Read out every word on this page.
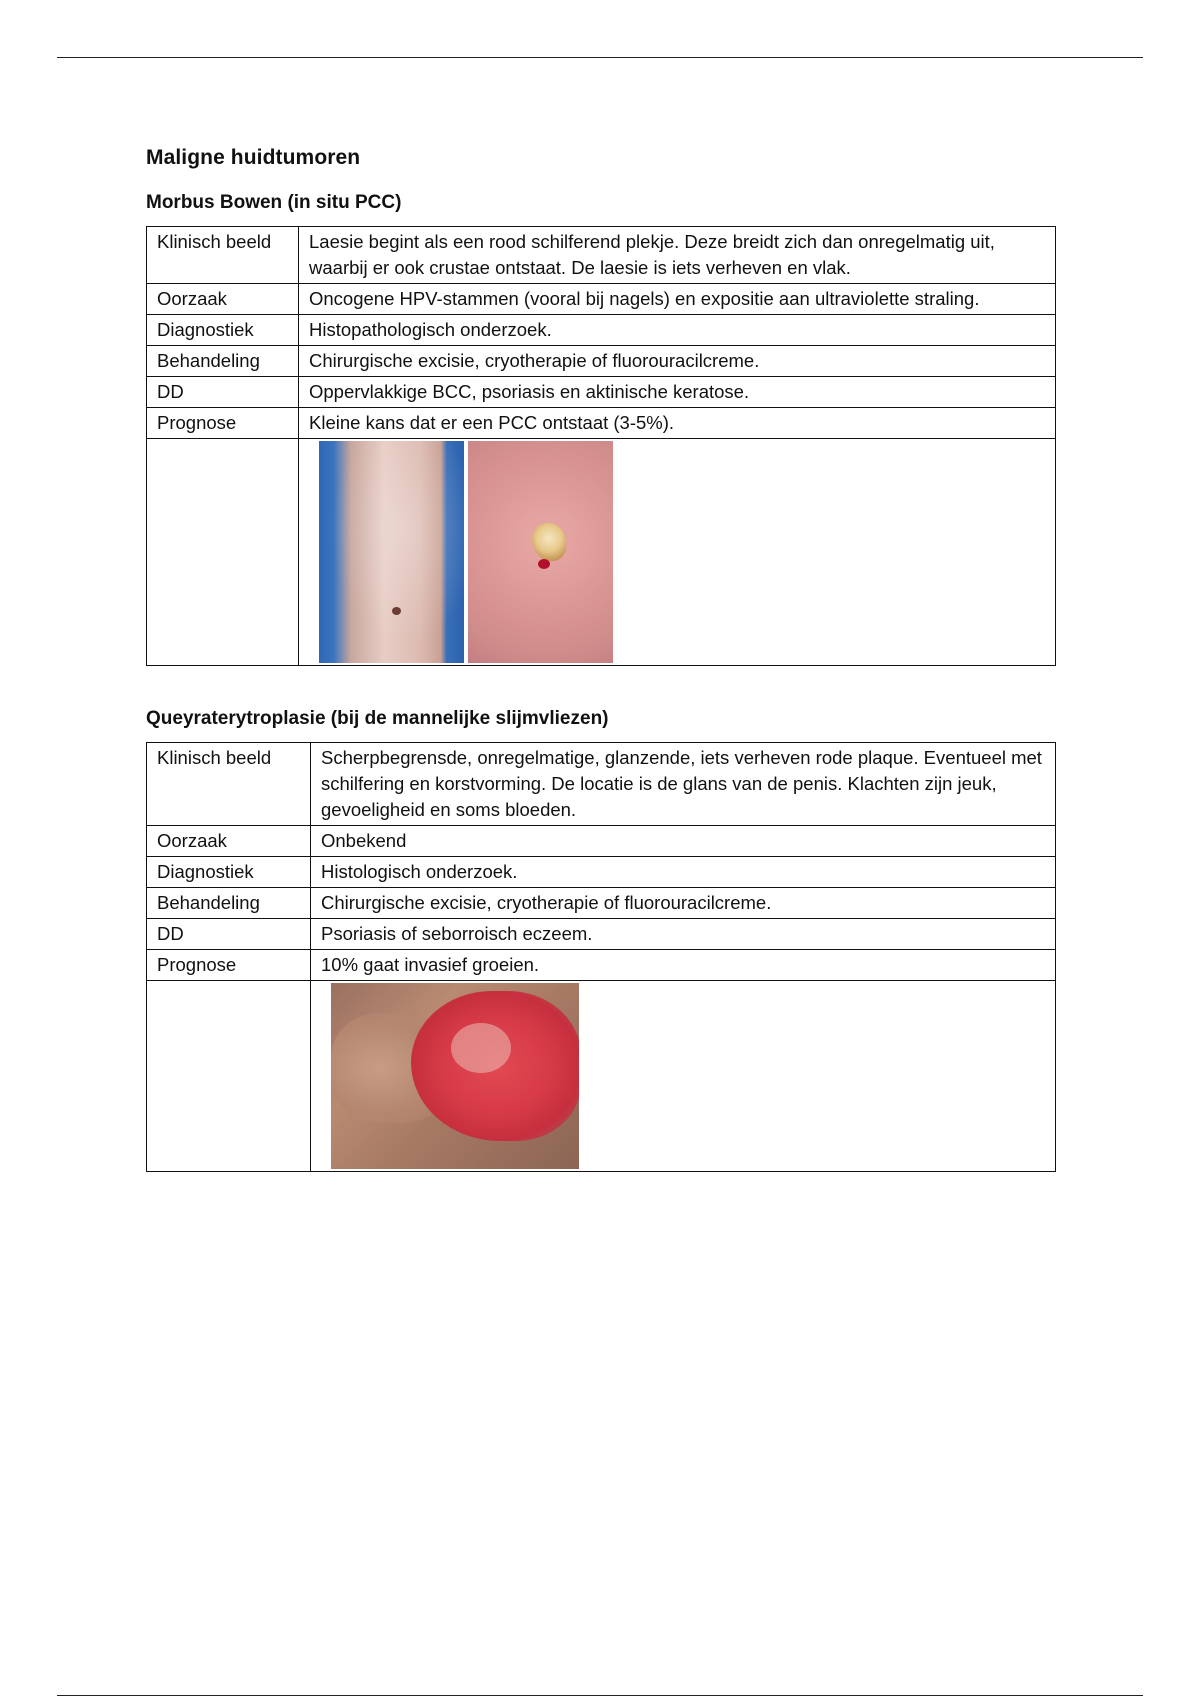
Maligne huidtumoren
Morbus Bowen (in situ PCC)
Klinisch beeld	Laesie begint als een rood schilferend plekje. Deze breidt zich dan onregelmatig uit, waarbij er ook crustae ontstaat. De laesie is iets verheven en vlak.
Oorzaak	Oncogene HPV-stammen (vooral bij nagels) en expositie aan ultraviolette straling.
Diagnostiek	Histopathologisch onderzoek.
Behandeling	Chirurgische excisie, cryotherapie of fluorouracilcreme.
DD	Oppervlakkige BCC, psoriasis en aktinische keratose.
Prognose	Kleine kans dat er een PCC ontstaat (3-5%).

Queyraterytroplasie (bij de mannelijke slijmvliezen)
Klinisch beeld	Scherpbegrensde, onregelmatige, glanzende, iets verheven rode plaque. Eventueel met schilfering en korstvorming. De locatie is de glans van de penis. Klachten zijn jeuk, gevoeligheid en soms bloeden.
Oorzaak	Onbekend
Diagnostiek	Histologisch onderzoek.
Behandeling	Chirurgische excisie, cryotherapie of fluorouracilcreme.
DD	Psoriasis of seborroisch eczeem.
Prognose	10% gaat invasief groeien.
